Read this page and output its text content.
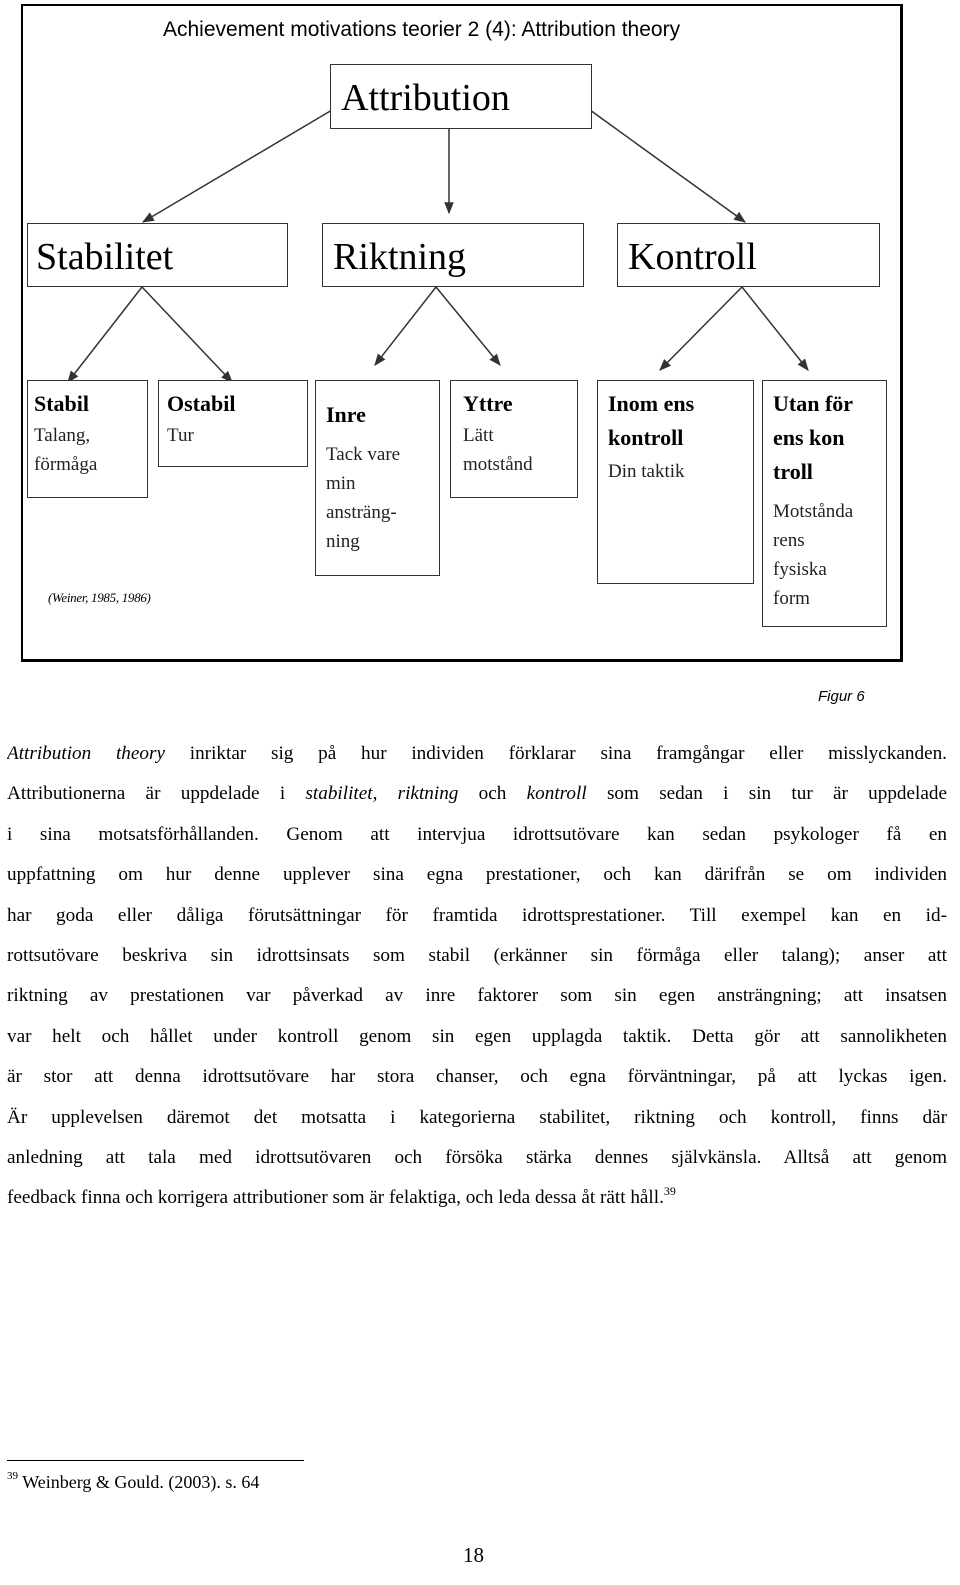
Achievement motivations teorier 2 (4): Attribution theory
Attribution
Stabilitet	Riktning	Kontroll
Stabil
Talang,
förmåga
Ostabil
Tur
Inre
Tack vare
min
ansträng-
ning
Yttre
Lätt
motstånd
Inom ens
kontroll
Din taktik
Utan för
ens kon
troll
Motstånda
rens
fysiska
form
(Weiner, 1985, 1986)
Figur 6
Attribution theory inriktar sig på hur individen förklarar sina framgångar eller misslyckanden.
Attributionerna är uppdelade i stabilitet, riktning och kontroll som sedan i sin tur är uppdelade
i sina motsatsförhållanden. Genom att intervjua idrottsutövare kan sedan psykologer få en
uppfattning om hur denne upplever sina egna prestationer, och kan därifrån se om individen
har goda eller dåliga förutsättningar för framtida idrottsprestationer. Till exempel kan en id-
rottsutövare beskriva sin idrottsinsats som stabil (erkänner sin förmåga eller talang); anser att
riktning av prestationen var påverkad av inre faktorer som sin egen ansträngning; att insatsen
var helt och hållet under kontroll genom sin egen upplagda taktik. Detta gör att sannolikheten
är stor att denna idrottsutövare har stora chanser, och egna förväntningar, på att lyckas igen.
Är upplevelsen däremot det motsatta i kategorierna stabilitet, riktning och kontroll, finns där
anledning att tala med idrottsutövaren och försöka stärka dennes självkänsla. Alltså att genom
feedback finna och korrigera attributioner som är felaktiga, och leda dessa åt rätt håll.$^{39}$
$^{39}$ Weinberg & Gould. (2003). s. 64
18
